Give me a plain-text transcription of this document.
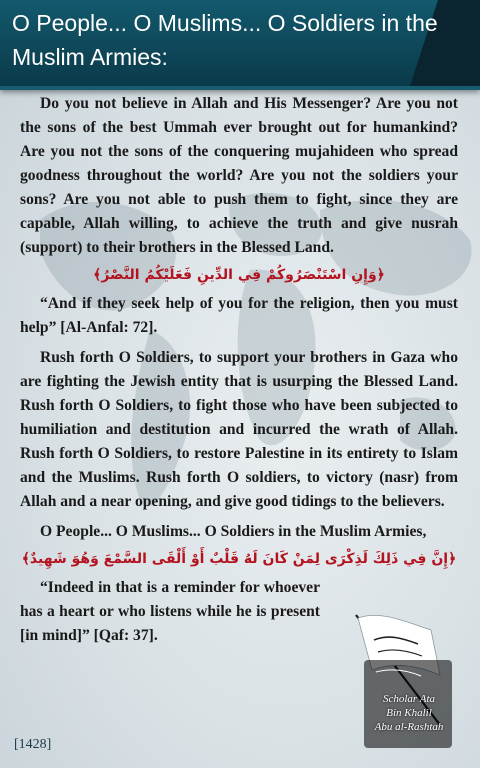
O People... O Muslims... O Soldiers in the Muslim Armies:

Do you not believe in Allah and His Messenger? Are you not the sons of the best Ummah ever brought out for humankind? Are you not the sons of the conquering mujahideen who spread goodness throughout the world? Are you not the soldiers your sons? Are you not able to push them to fight, since they are capable, Allah willing, to achieve the truth and give nusrah (support) to their brothers in the Blessed Land.

﴿وَإِنِ اسْتَنْصَرُوكُمْ فِي الدِّينِ فَعَلَيْكُمُ النَّصْرُ﴾

“And if they seek help of you for the religion, then you must help” [Al-Anfal: 72].

Rush forth O Soldiers, to support your brothers in Gaza who are fighting the Jewish entity that is usurping the Blessed Land. Rush forth O Soldiers, to fight those who have been subjected to humiliation and destitution and incurred the wrath of Allah. Rush forth O Soldiers, to restore Palestine in its entirety to Islam and the Muslims. Rush forth O soldiers, to victory (nasr) from Allah and a near opening, and give good tidings to the believers.

O People... O Muslims... O Soldiers in the Muslim Armies,

﴿إِنَّ فِي ذَلِكَ لَذِكْرَى لِمَنْ كَانَ لَهُ قَلْبٌ أَوْ أَلْقَى السَّمْعَ وَهُوَ شَهِيدٌ﴾

“Indeed in that is a reminder for whoever has a heart or who listens while he is present [in mind]” [Qaf: 37].

Scholar Ata
Bin Khalil
Abu al-Rashtah
[1428]
